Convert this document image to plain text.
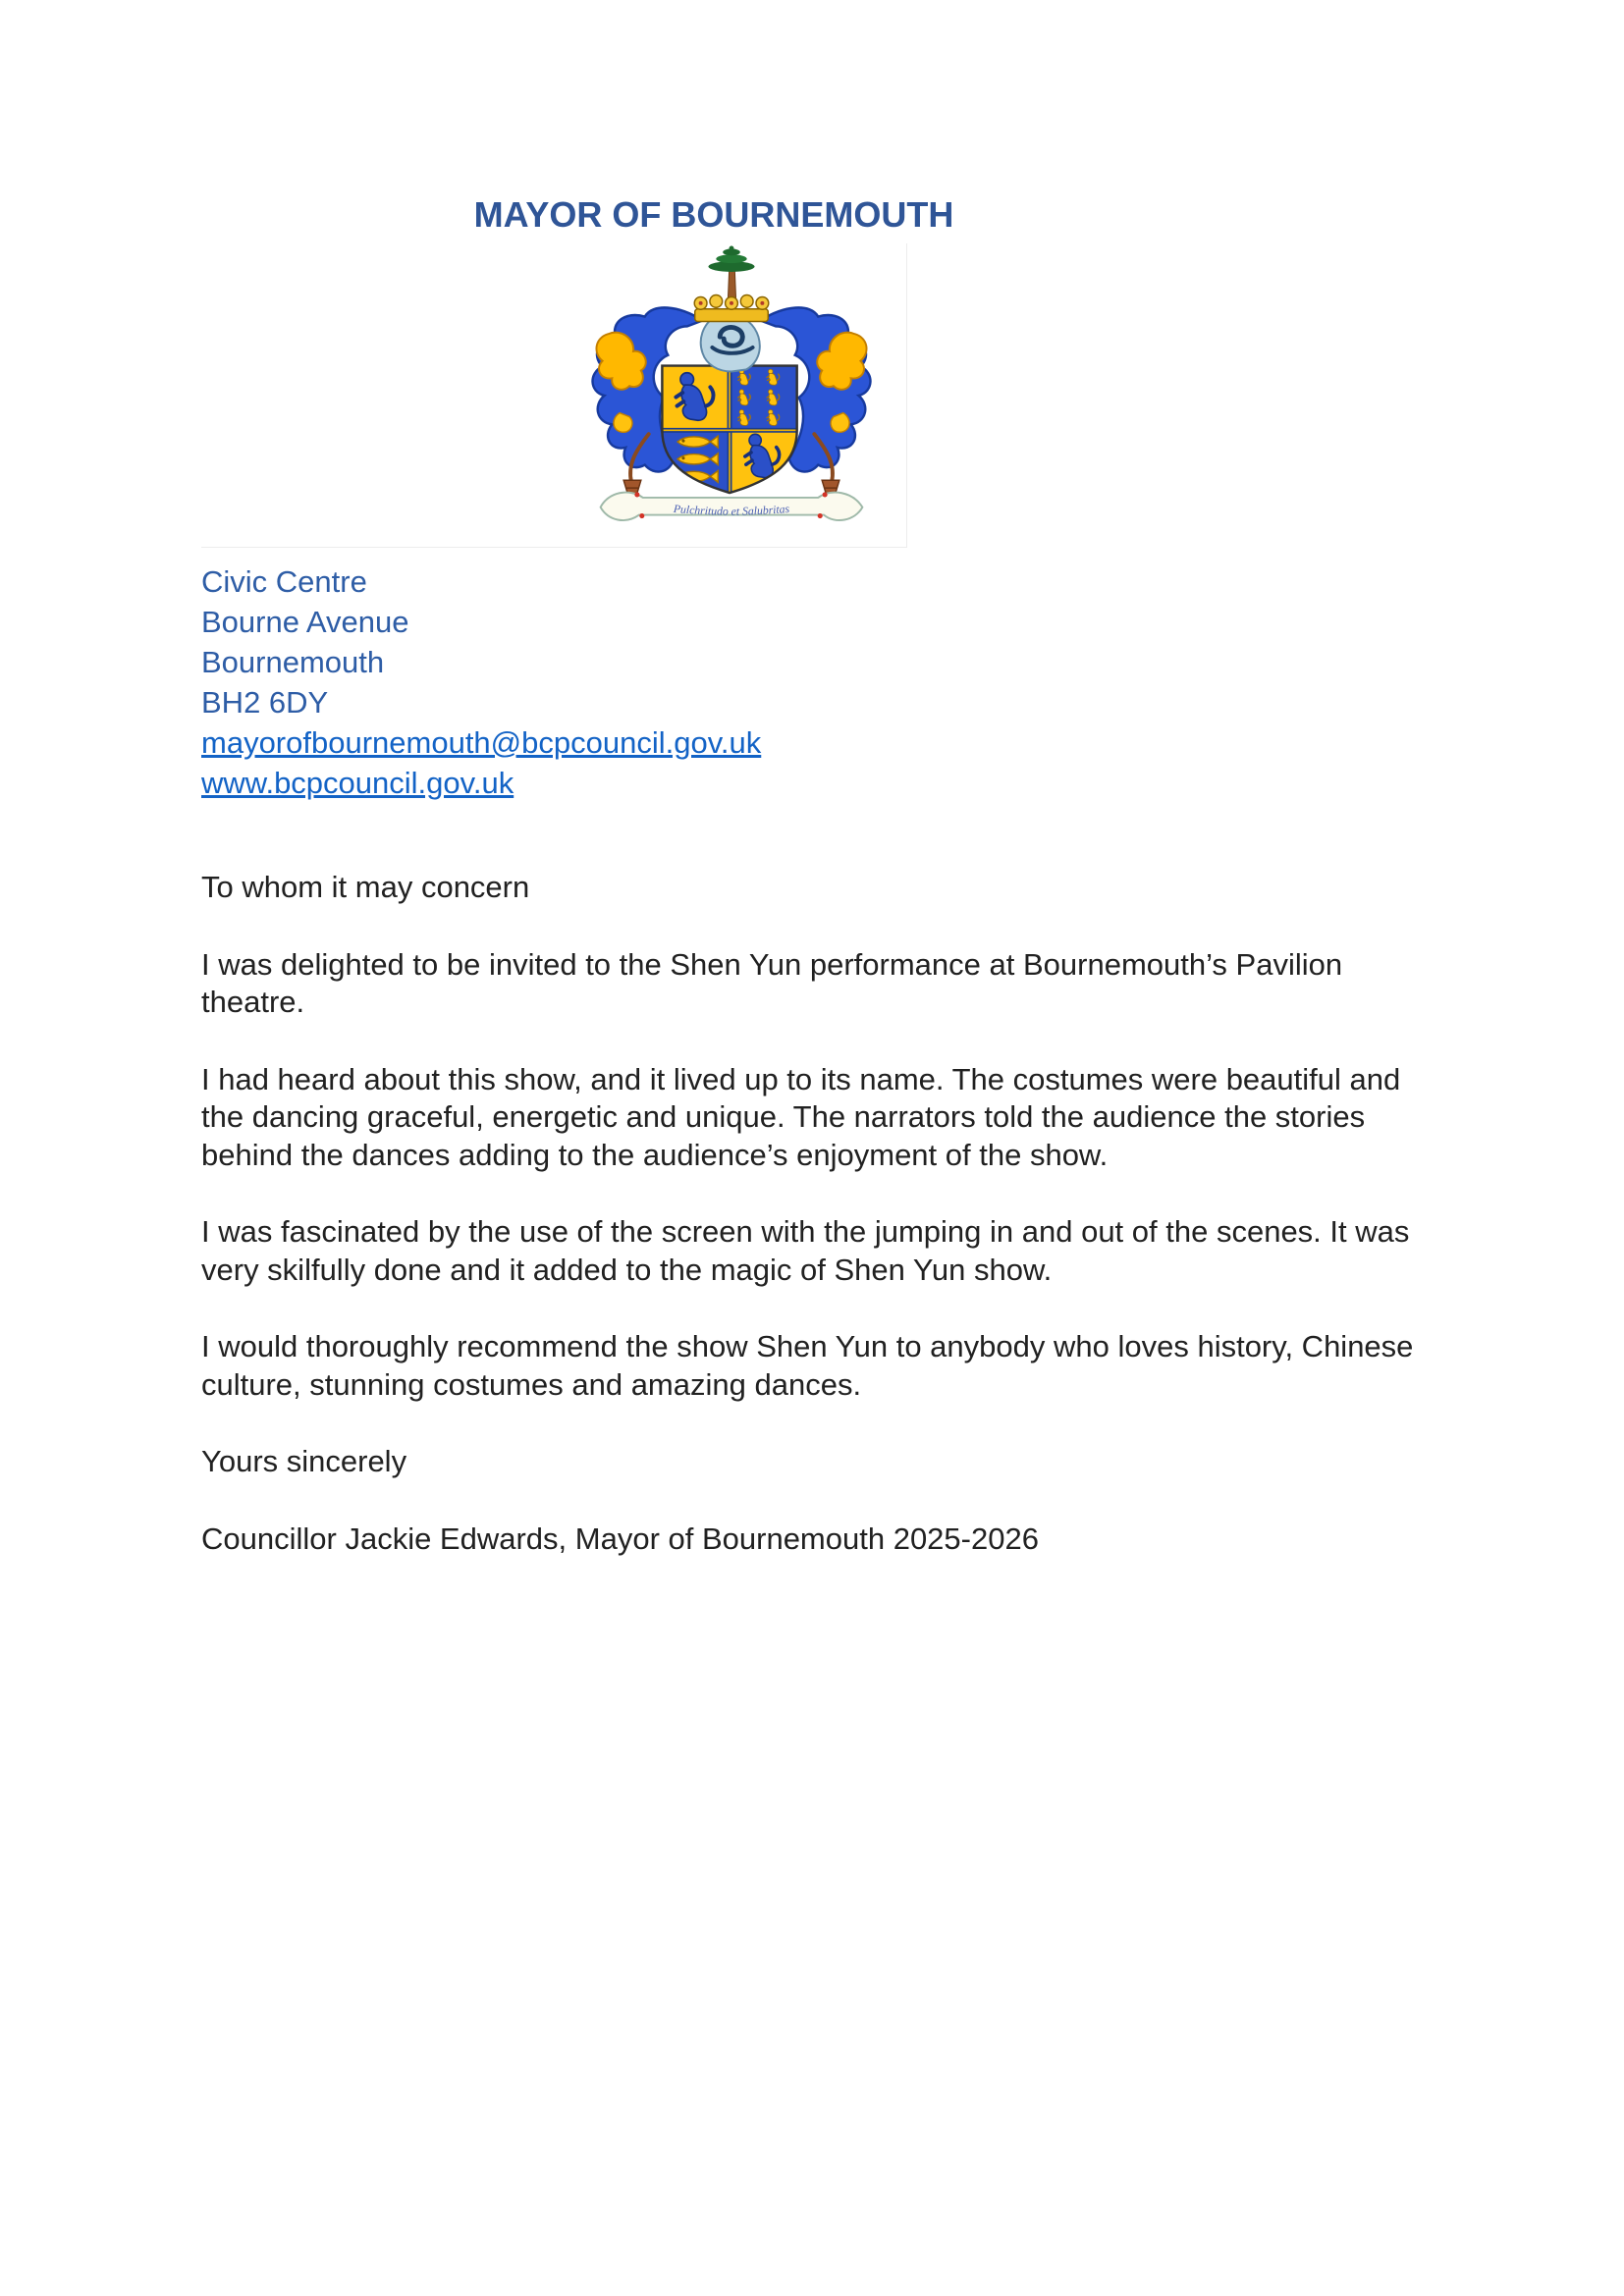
MAYOR OF BOURNEMOUTH
Pulchritudo et Salubritas
Civic Centre
Bourne Avenue
Bournemouth
BH2 6DY
mayorofbournemouth@bcpcouncil.gov.uk
www.bcpcouncil.gov.uk

To whom it may concern

I was delighted to be invited to the Shen Yun performance at Bournemouth’s Pavilion theatre.

I had heard about this show, and it lived up to its name. The costumes were beautiful and the dancing graceful, energetic and unique. The narrators told the audience the stories behind the dances adding to the audience’s enjoyment of the show.

I was fascinated by the use of the screen with the jumping in and out of the scenes. It was very skilfully done and it added to the magic of Shen Yun show.

I would thoroughly recommend the show Shen Yun to anybody who loves history, Chinese culture, stunning costumes and amazing dances.

Yours sincerely

Councillor Jackie Edwards, Mayor of Bournemouth 2025-2026
